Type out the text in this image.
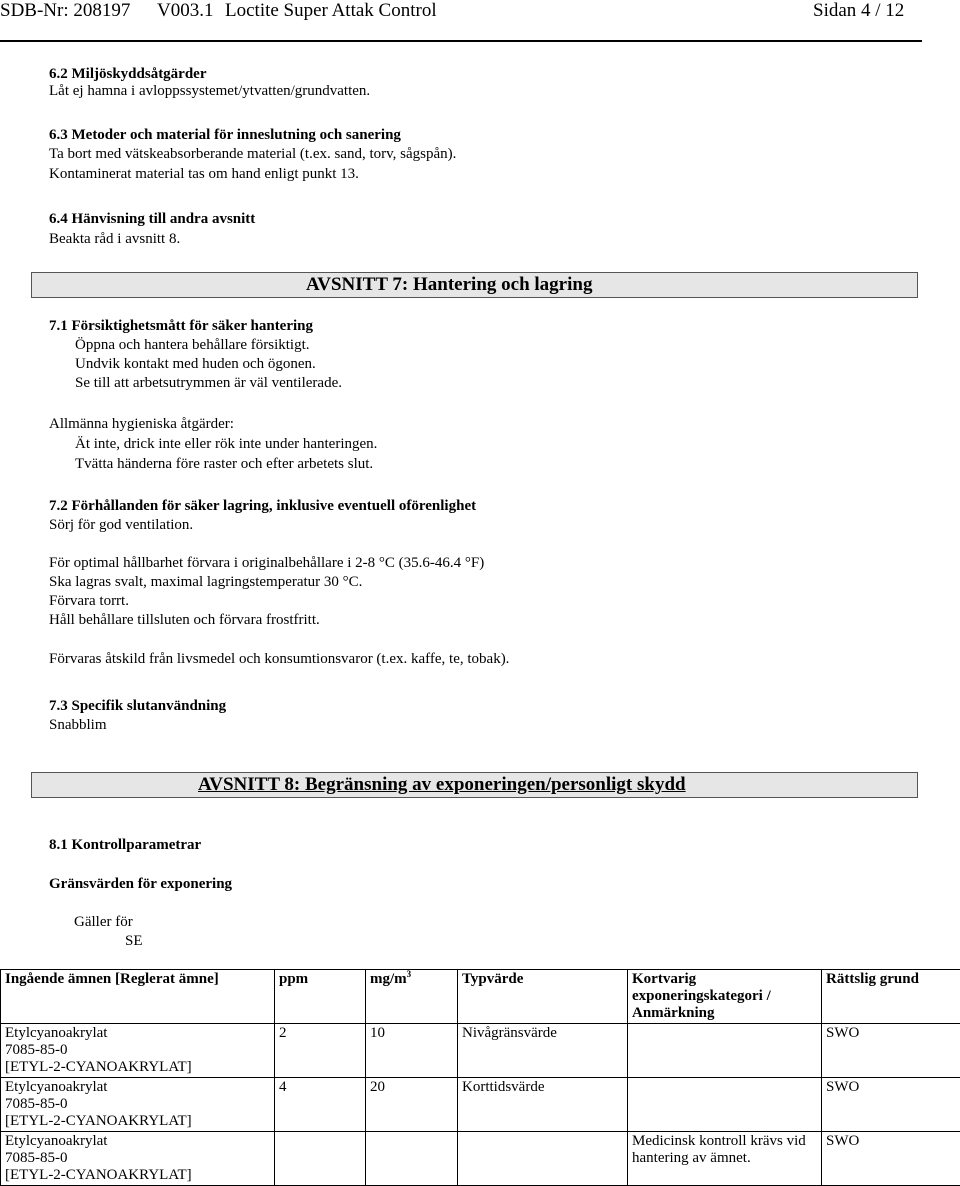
SDB-Nr: 208197 V003.1 Loctite Super Attak Control	Sidan 4 / 12
6.2 Miljöskyddsåtgärder
Låt ej hamna i avloppssystemet/ytvatten/grundvatten.
6.3 Metoder och material för inneslutning och sanering
Ta bort med vätskeabsorberande material (t.ex. sand, torv, sågspån).
Kontaminerat material tas om hand enligt punkt 13.
6.4 Hänvisning till andra avsnitt
Beakta råd i avsnitt 8.
AVSNITT 7: Hantering och lagring
7.1 Försiktighetsmått för säker hantering
Öppna och hantera behållare försiktigt.
Undvik kontakt med huden och ögonen.
Se till att arbetsutrymmen är väl ventilerade.
Allmänna hygieniska åtgärder:
Ät inte, drick inte eller rök inte under hanteringen.
Tvätta händerna före raster och efter arbetets slut.
7.2 Förhållanden för säker lagring, inklusive eventuell oförenlighet
Sörj för god ventilation.
För optimal hållbarhet förvara i originalbehållare i 2-8 °C (35.6-46.4 °F)
Ska lagras svalt, maximal lagringstemperatur 30 °C.
Förvara torrt.
Håll behållare tillsluten och förvara frostfritt.
Förvaras åtskild från livsmedel och konsumtionsvaror (t.ex. kaffe, te, tobak).
7.3 Specifik slutanvändning
Snabblim
AVSNITT 8: Begränsning av exponeringen/personligt skydd
8.1 Kontrollparametrar
Gränsvärden för exponering
Gäller för
SE
Ingående ämnen [Reglerat ämne]	ppm	$mg/m^3$	Typvärde	Kortvarig exponeringskategori / Anmärkning	Rättslig grund

Etylcyanoakrylat
7085-85-0
[ETYL-2-CYANOAKRYLAT]	2	10	Nivågränsvärde		SWO

Etylcyanoakrylat
7085-85-0
[ETYL-2-CYANOAKRYLAT]	4	20	Korttidsvärde		SWO

Etylcyanoakrylat
7085-85-0
[ETYL-2-CYANOAKRYLAT]				Medicinsk kontroll krävs vid hantering av ämnet.	SWO
